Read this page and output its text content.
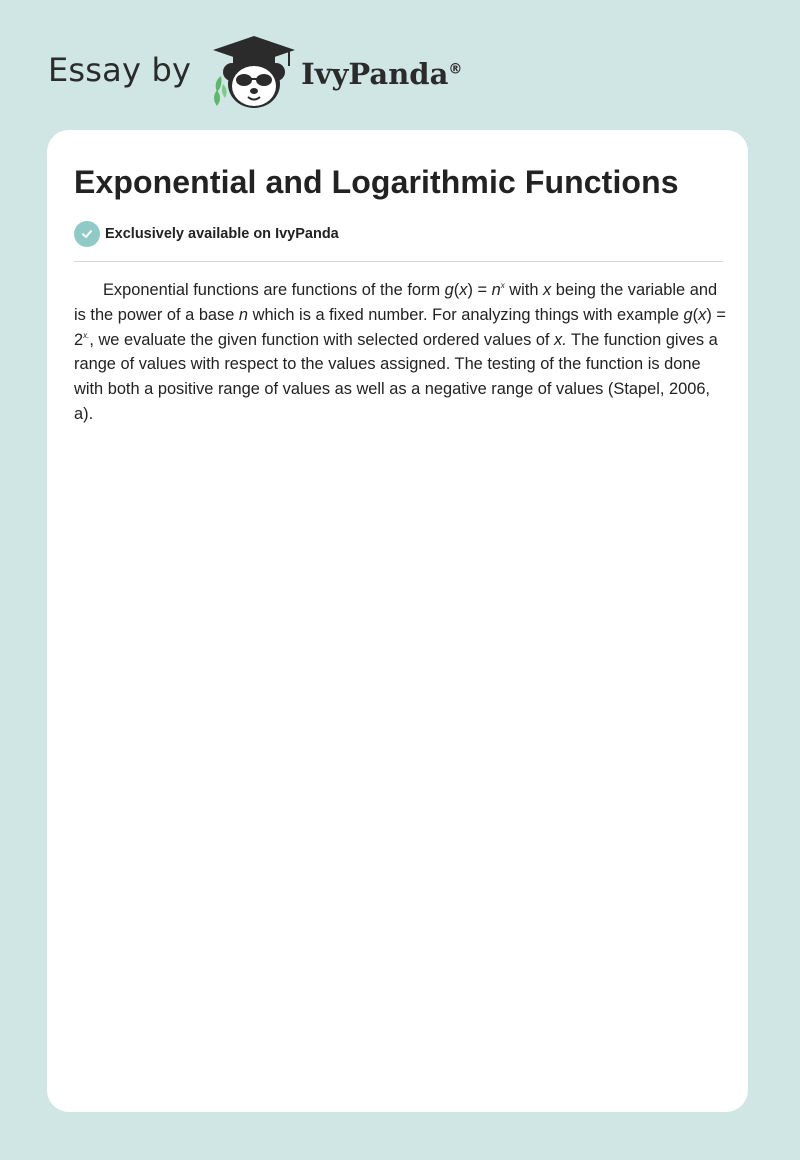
Essay by	IvyPanda®
Exponential and Logarithmic Functions
Exclusively available on IvyPanda

Exponential functions are functions of the form $g(x) = n^x$ with x being the variable and is the power of a base n which is a fixed number. For analyzing things with example $g(x) = 2^{x.}$, we evaluate the given function with selected ordered values of x. The function gives a range of values with respect to the values assigned. The testing of the function is done with both a positive range of values as well as a negative range of values (Stapel, 2006, a).
